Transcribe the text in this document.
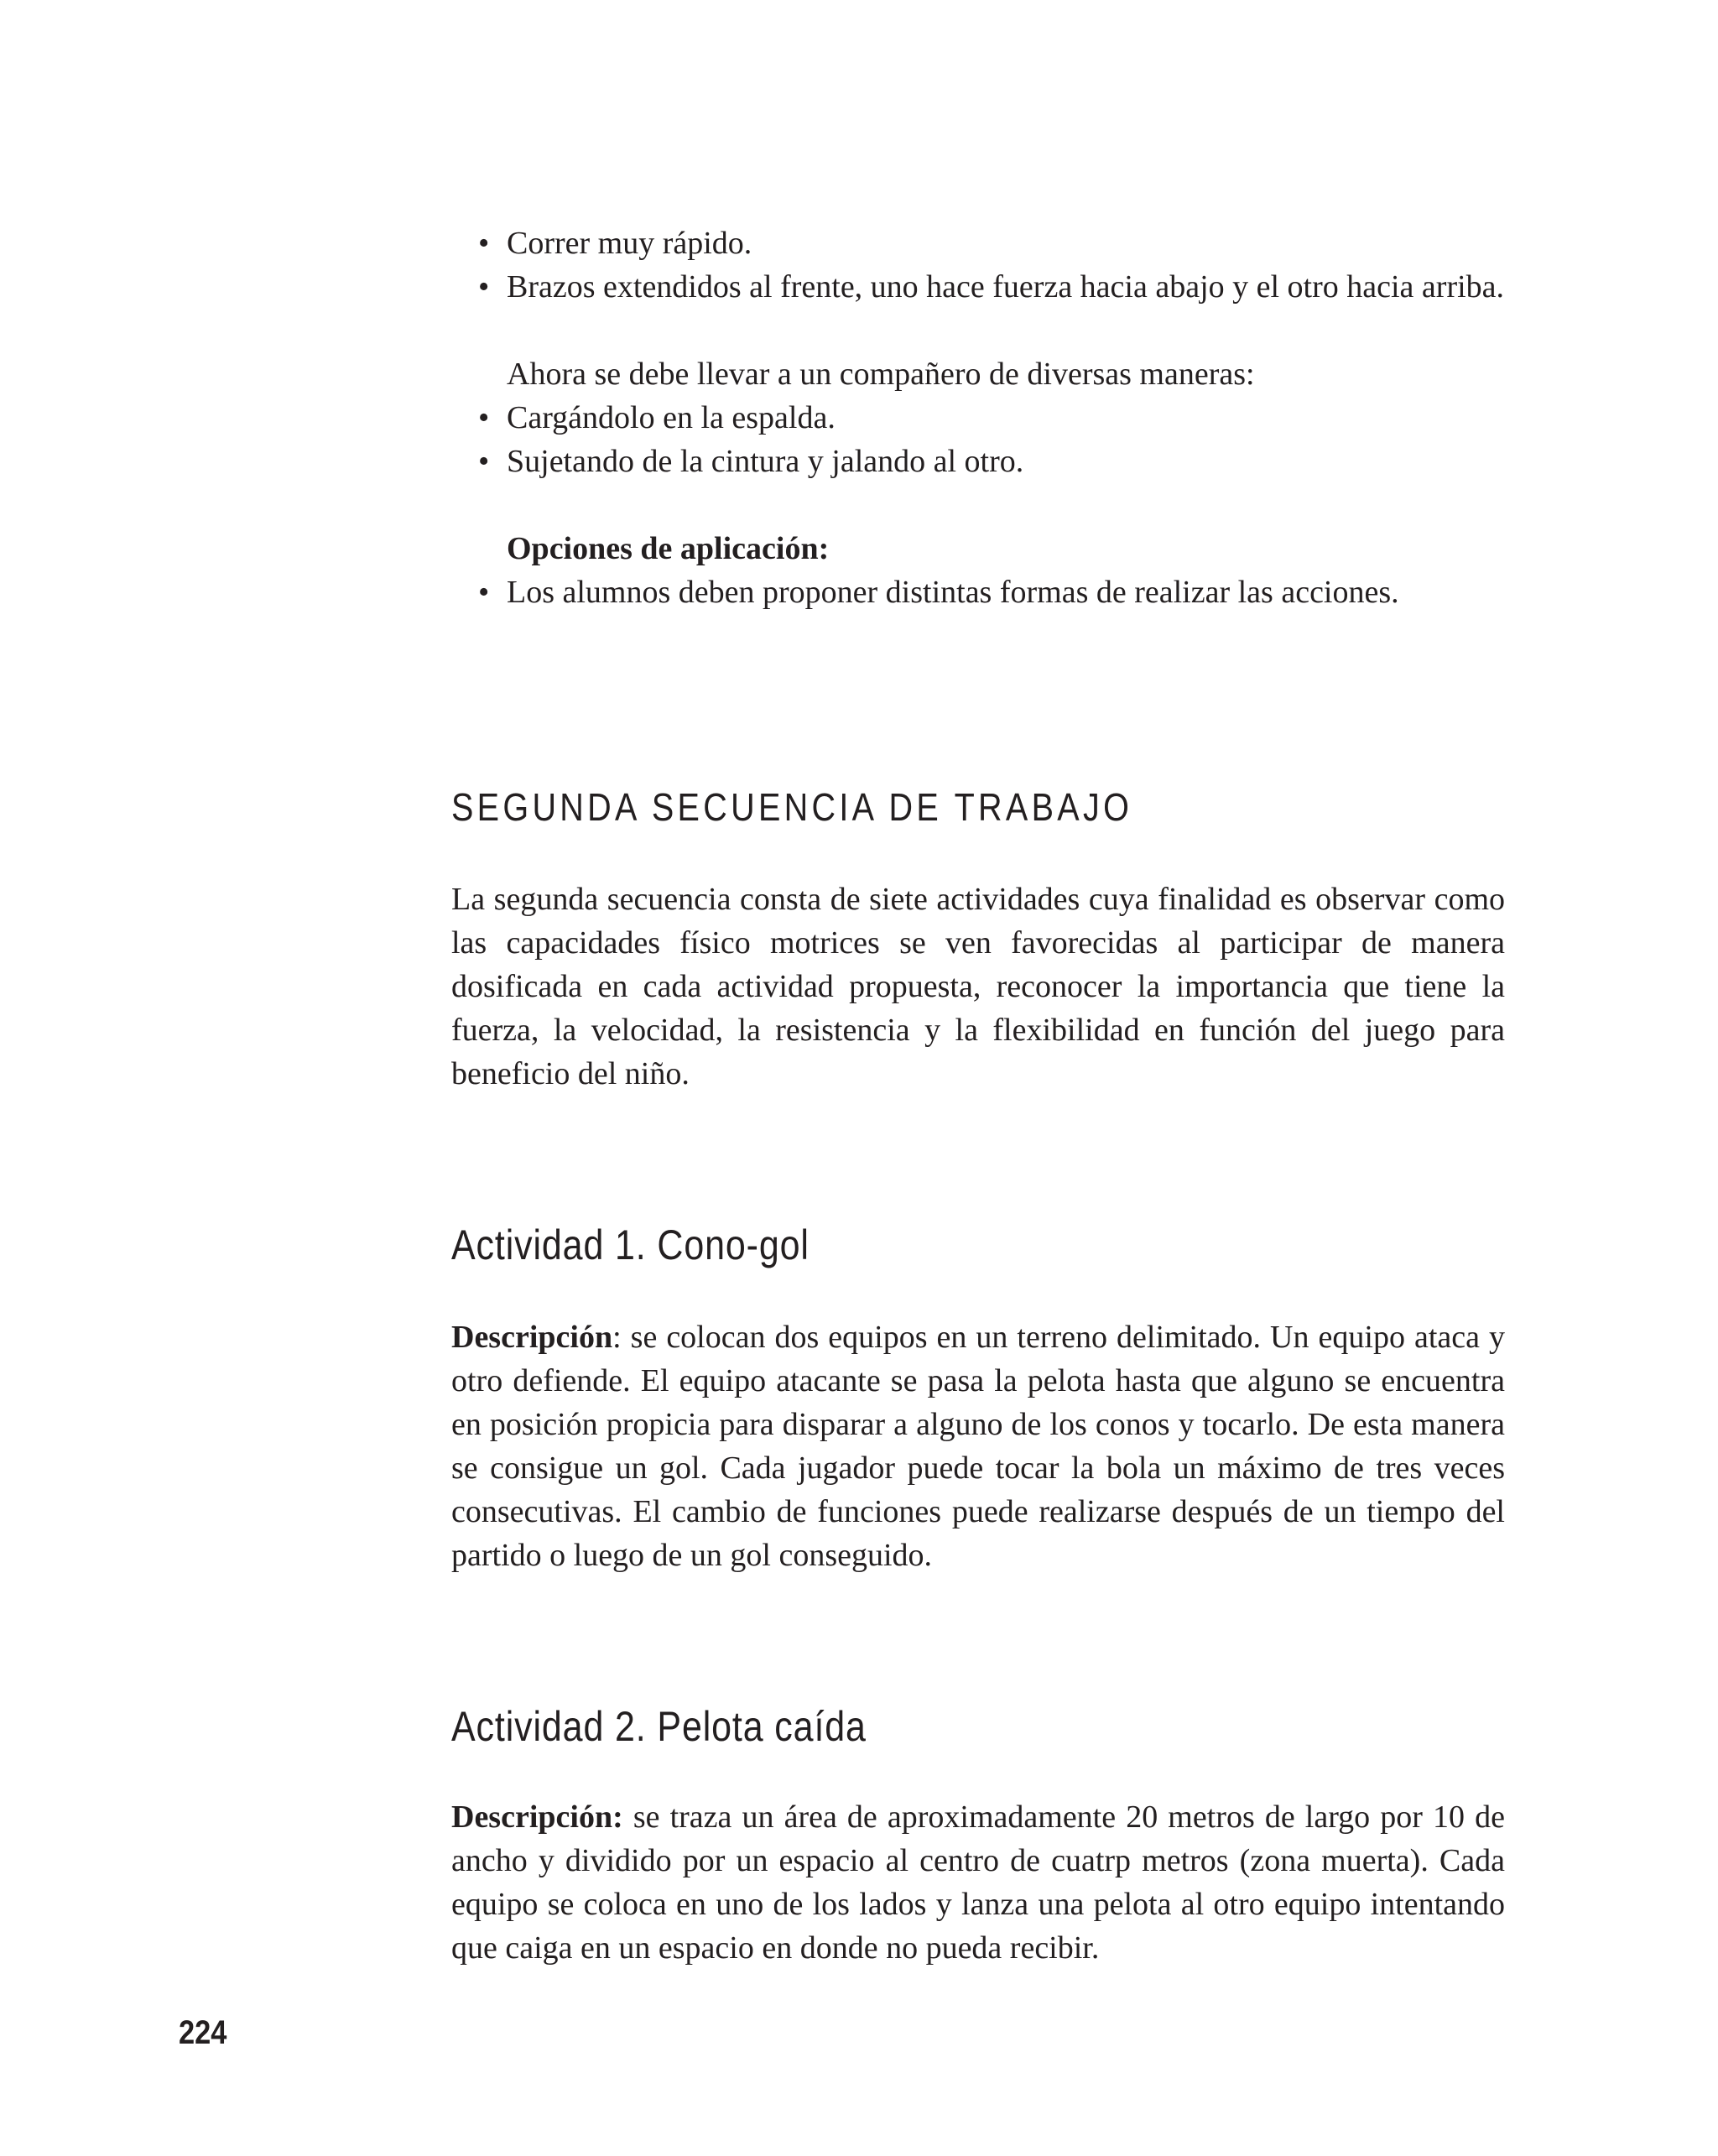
• Correr muy rápido.
• Brazos extendidos al frente, uno hace fuerza hacia abajo y el otro hacia arriba.
Ahora se debe llevar a un compañero de diversas maneras:
• Cargándolo en la espalda.
• Sujetando de la cintura y jalando al otro.
Opciones de aplicación:
• Los alumnos deben proponer distintas formas de realizar las acciones.
SEGUNDA SECUENCIA DE TRABAJO

La segunda secuencia consta de siete actividades cuya finalidad es observar como las capacidades físico motrices se ven favorecidas al participar de manera dosificada en cada actividad propuesta, reconocer la importancia que tiene la fuerza, la velocidad, la resistencia y la flexibilidad en función del juego para beneficio del niño.

Actividad 1. Cono-gol

Descripción: se colocan dos equipos en un terreno delimitado. Un equipo ataca y otro defiende. El equipo atacante se pasa la pelota hasta que alguno se encuentra en posición propicia para disparar a alguno de los conos y tocarlo. De esta manera se consigue un gol. Cada jugador puede tocar la bola un máximo de tres veces consecutivas. El cambio de funciones puede realizarse después de un tiempo del partido o luego de un gol conseguido.

Actividad 2. Pelota caída

Descripción: se traza un área de aproximadamente 20 metros de largo por 10 de ancho y dividido por un espacio al centro de cuatrp metros (zona muerta). Cada equipo se coloca en uno de los lados y lanza una pelota al otro equipo intentando que caiga en un espacio en donde no pueda recibir.

224
